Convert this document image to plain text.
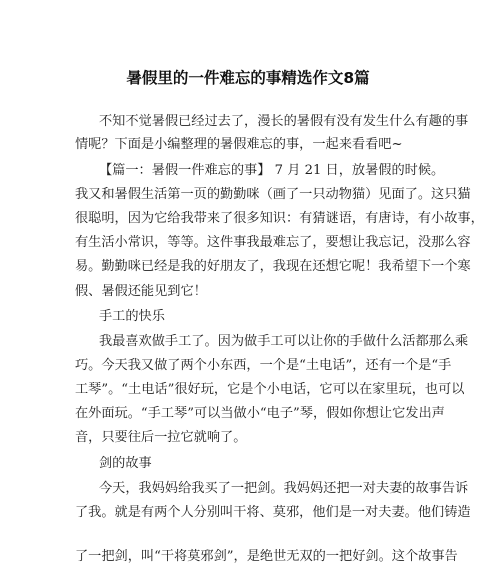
暑假里的一件难忘的事精选作文8篇
不知不觉暑假已经过去了，漫长的暑假有没有发生什么有趣的事
情呢？下面是小编整理的暑假难忘的事，一起来看看吧~
【篇一：暑假一件难忘的事】 7 月 21 日，放暑假的时候。
我又和暑假生活第一页的勤勤咪（画了一只动物猫）见面了。这只猫
很聪明，因为它给我带来了很多知识：有猜谜语，有唐诗，有小故事，
有生活小常识，等等。这件事我最难忘了，要想让我忘记，没那么容
易。勤勤咪已经是我的好朋友了，我现在还想它呢！我希望下一个寒
假、暑假还能见到它！
手工的快乐
我最喜欢做手工了。因为做手工可以让你的手做什么活都那么乘
巧。今天我又做了两个小东西，一个是“土电话”，还有一个是“手
工琴”。“土电话”很好玩，它是个小电话，它可以在家里玩，也可以
在外面玩。“手工琴”可以当做小“电子”琴，假如你想让它发出声
音，只要往后一拉它就响了。
剑的故事
今天，我妈妈给我买了一把剑。我妈妈还把一对夫妻的故事告诉
了我。就是有两个人分别叫干将、莫邪，他们是一对夫妻。他们铸造
了一把剑，叫“干将莫邪剑”，是绝世无双的一把好剑。这个故事告
